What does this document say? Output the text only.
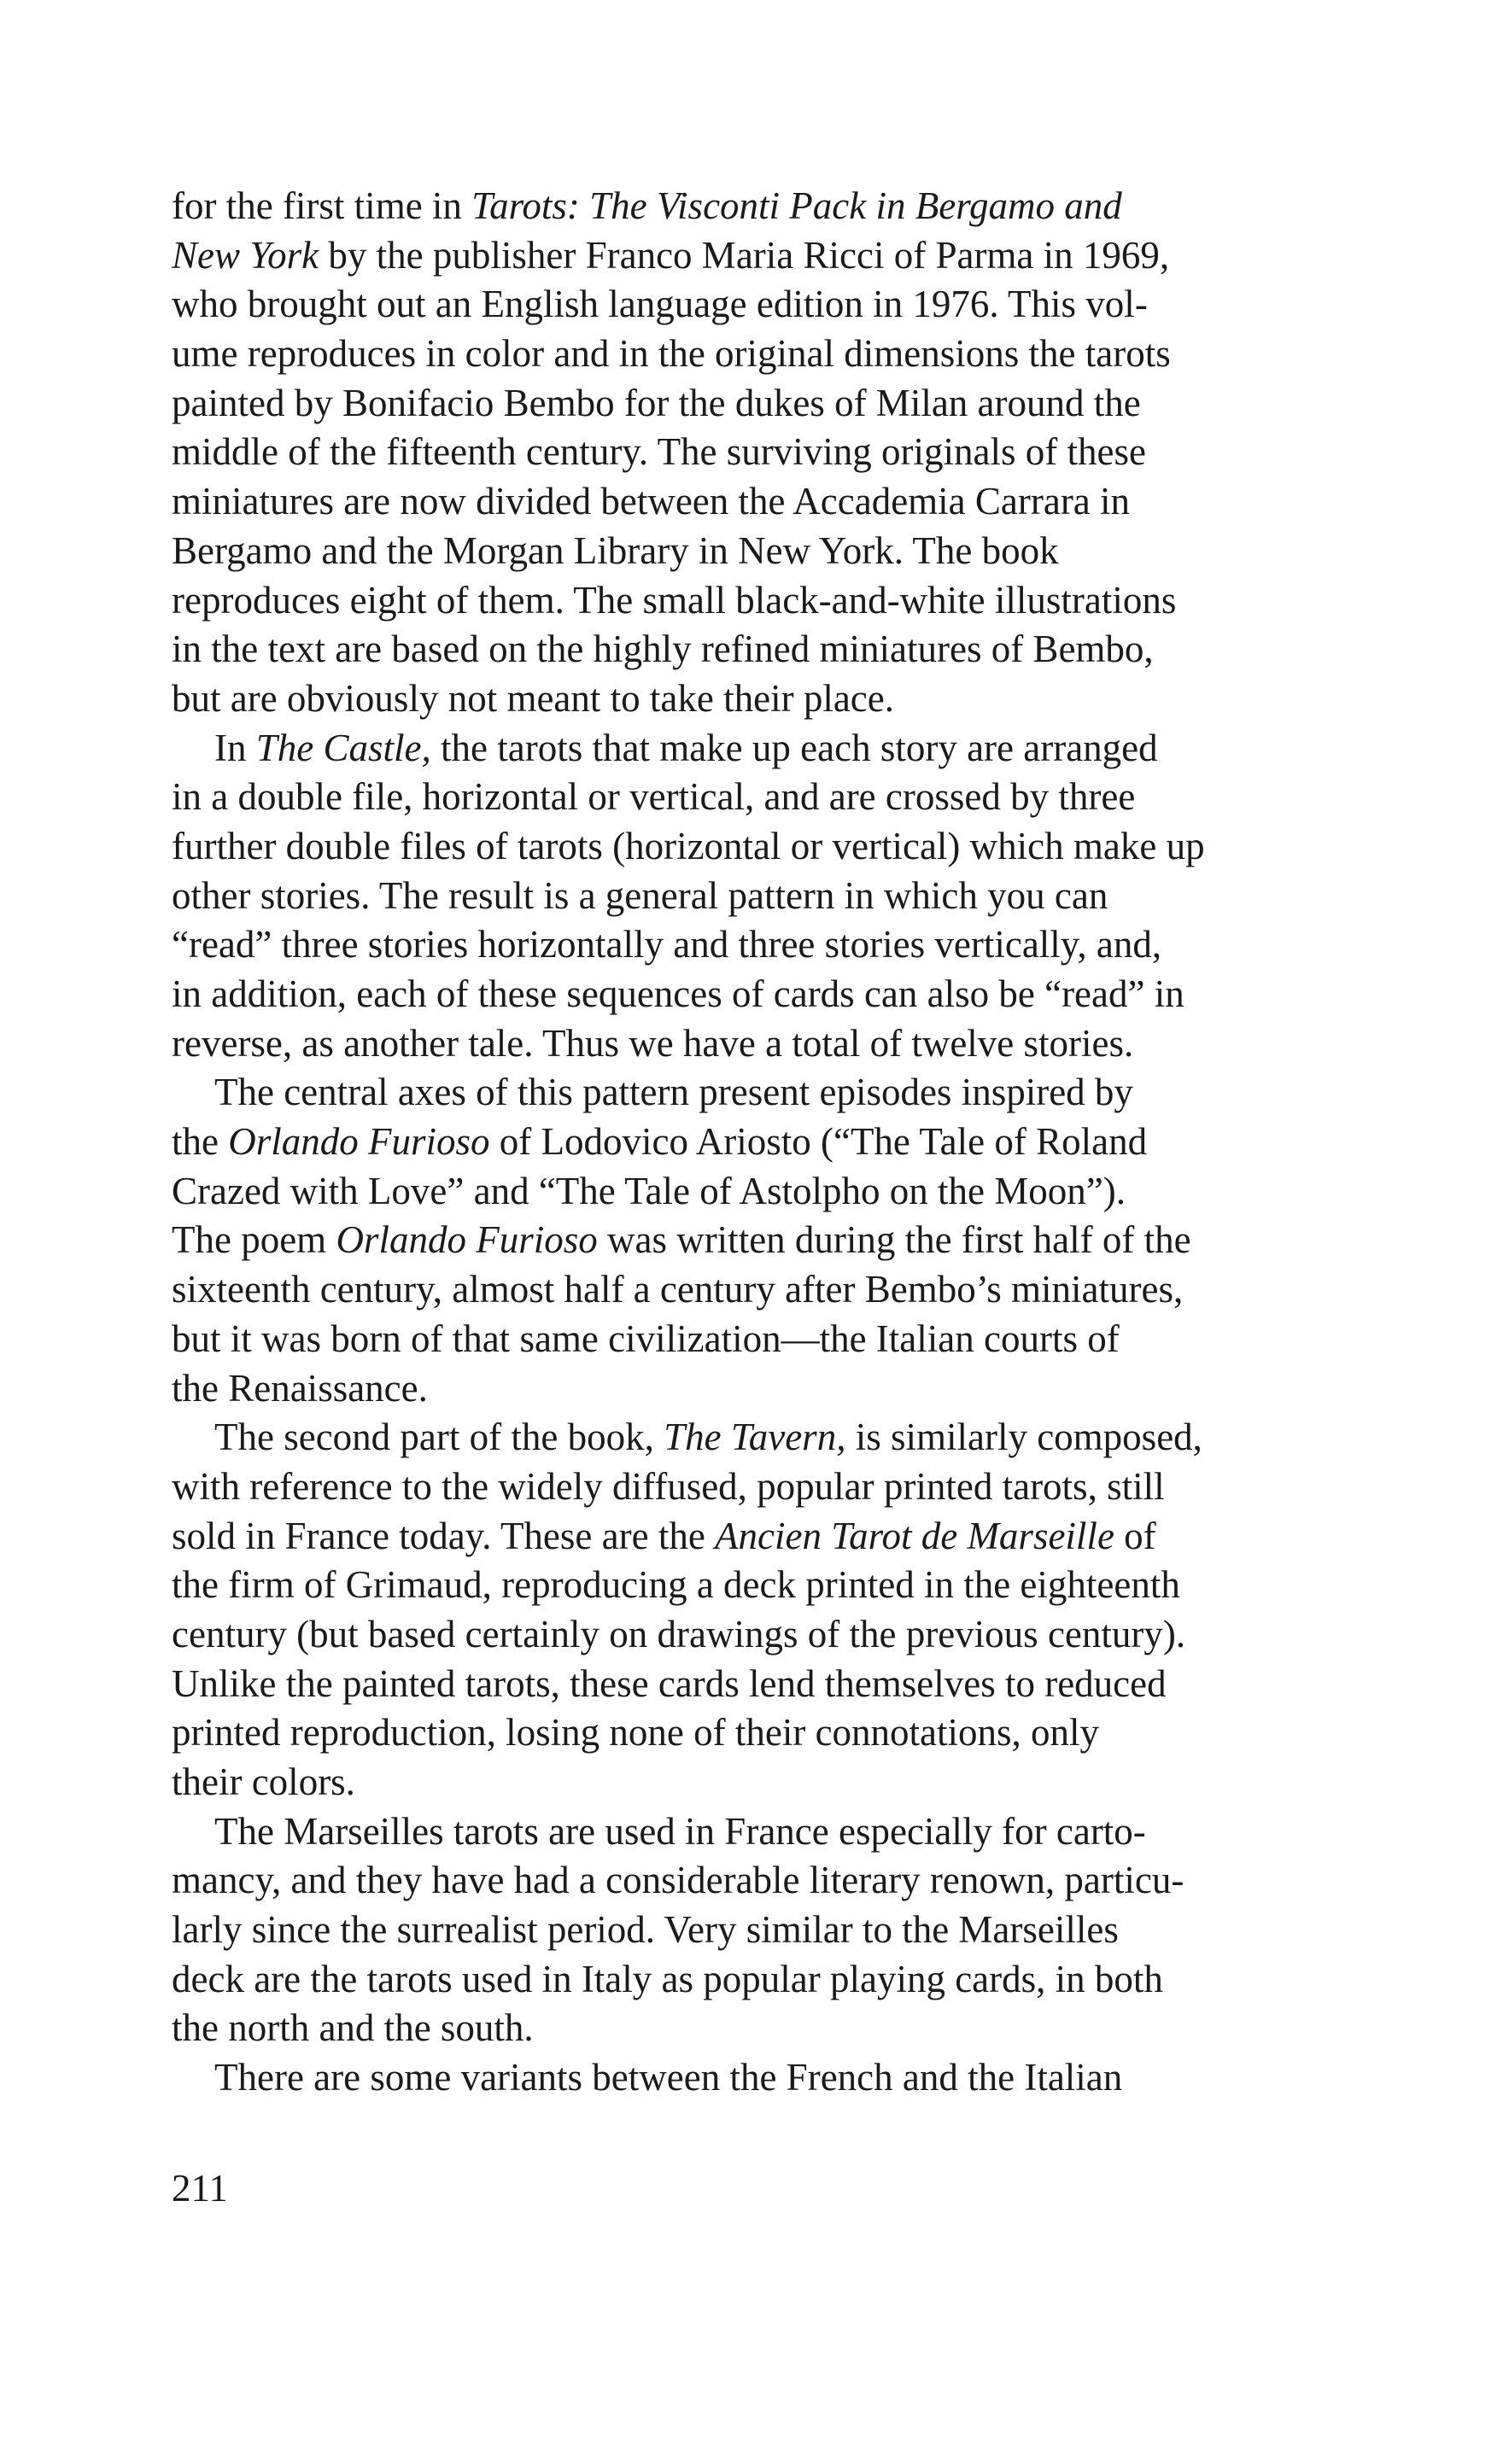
for the first time in Tarots: The Visconti Pack in Bergamo and
New York by the publisher Franco Maria Ricci of Parma in 1969,
who brought out an English language edition in 1976. This vol-
ume reproduces in color and in the original dimensions the tarots
painted by Bonifacio Bembo for the dukes of Milan around the
middle of the fifteenth century. The surviving originals of these
miniatures are now divided between the Accademia Carrara in
Bergamo and the Morgan Library in New York. The book
reproduces eight of them. The small black-and-white illustrations
in the text are based on the highly refined miniatures of Bembo,
but are obviously not meant to take their place.
In The Castle, the tarots that make up each story are arranged
in a double file, horizontal or vertical, and are crossed by three
further double files of tarots (horizontal or vertical) which make up
other stories. The result is a general pattern in which you can
“read” three stories horizontally and three stories vertically, and,
in addition, each of these sequences of cards can also be “read” in
reverse, as another tale. Thus we have a total of twelve stories.
The central axes of this pattern present episodes inspired by
the Orlando Furioso of Lodovico Ariosto (“The Tale of Roland
Crazed with Love” and “The Tale of Astolpho on the Moon”).
The poem Orlando Furioso was written during the first half of the
sixteenth century, almost half a century after Bembo’s miniatures,
but it was born of that same civilization—the Italian courts of
the Renaissance.
The second part of the book, The Tavern, is similarly composed,
with reference to the widely diffused, popular printed tarots, still
sold in France today. These are the Ancien Tarot de Marseille of
the firm of Grimaud, reproducing a deck printed in the eighteenth
century (but based certainly on drawings of the previous century).
Unlike the painted tarots, these cards lend themselves to reduced
printed reproduction, losing none of their connotations, only
their colors.
The Marseilles tarots are used in France especially for carto-
mancy, and they have had a considerable literary renown, particu-
larly since the surrealist period. Very similar to the Marseilles
deck are the tarots used in Italy as popular playing cards, in both
the north and the south.
There are some variants between the French and the Italian
211
